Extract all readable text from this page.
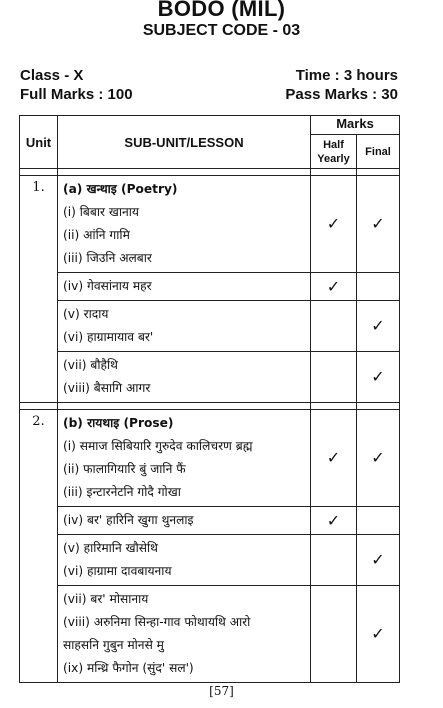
BODO (MIL)
SUBJECT CODE - 03
Class - X
Full Marks : 100
Time : 3 hours
Pass Marks : 30
Unit	SUB-UNIT/LESSON	Marks	
		Half
Yearly	Final

1.	(a) खन्थाइ (Poetry)
(i) बिबार खानाय
(ii) आंनि गामि
(iii) जिउनि अलबार	✓	✓

	(iv) गेवसांनाय महर	✓	

	(v) रादाय
(vi) हाग्रामायाव बर'		✓

	(vii) बौहैथि
(viii) बैसागि आगर		✓

2.	(b) रायथाइ (Prose)
(i) समाज सिबियारि गुरुदेव कालिचरण ब्रह्म
(ii) फालागियारि बुं जानि फैं
(iii) इन्टारनेटनि गोदै गोखा	✓	✓

	(iv) बर' हारिनि खुगा थुनलाइ	✓	

	(v) हारिमानि खौसेथि
(vi) हाग्रामा दावबायनाय		✓

	(vii) बर' मोसानाय
(viii) अरुनिमा सिन्हा-गाव फोथायथि आरो
साहसनि गुबुन मोनसे मु
(ix) मन्थ्रि फैगोन (सुंद' सल')		✓
[57]
